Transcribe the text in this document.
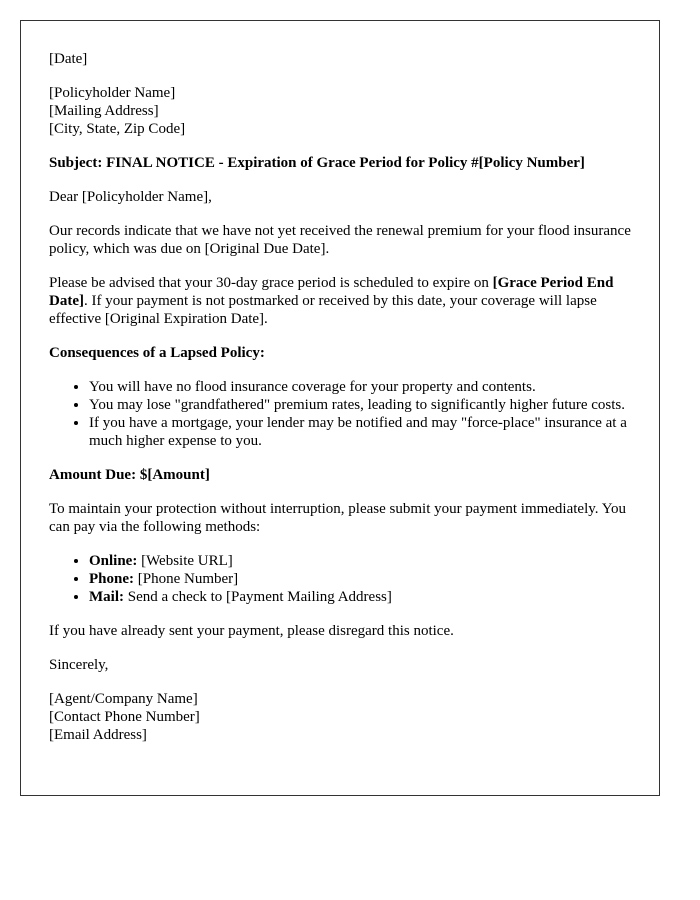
[Date]

[Policyholder Name]
[Mailing Address]
[City, State, Zip Code]

Subject: FINAL NOTICE - Expiration of Grace Period for Policy #[Policy Number]

Dear [Policyholder Name],

Our records indicate that we have not yet received the renewal premium for your flood insurance policy, which was due on [Original Due Date].

Please be advised that your 30-day grace period is scheduled to expire on [Grace Period End Date]. If your payment is not postmarked or received by this date, your coverage will lapse effective [Original Expiration Date].

Consequences of a Lapsed Policy:

• You will have no flood insurance coverage for your property and contents.
• You may lose "grandfathered" premium rates, leading to significantly higher future costs.
• If you have a mortgage, your lender may be notified and may "force-place" insurance at a much higher expense to you.

Amount Due: $[Amount]

To maintain your protection without interruption, please submit your payment immediately. You can pay via the following methods:

• Online: [Website URL]
• Phone: [Phone Number]
• Mail: Send a check to [Payment Mailing Address]

If you have already sent your payment, please disregard this notice.

Sincerely,

[Agent/Company Name]
[Contact Phone Number]
[Email Address]
